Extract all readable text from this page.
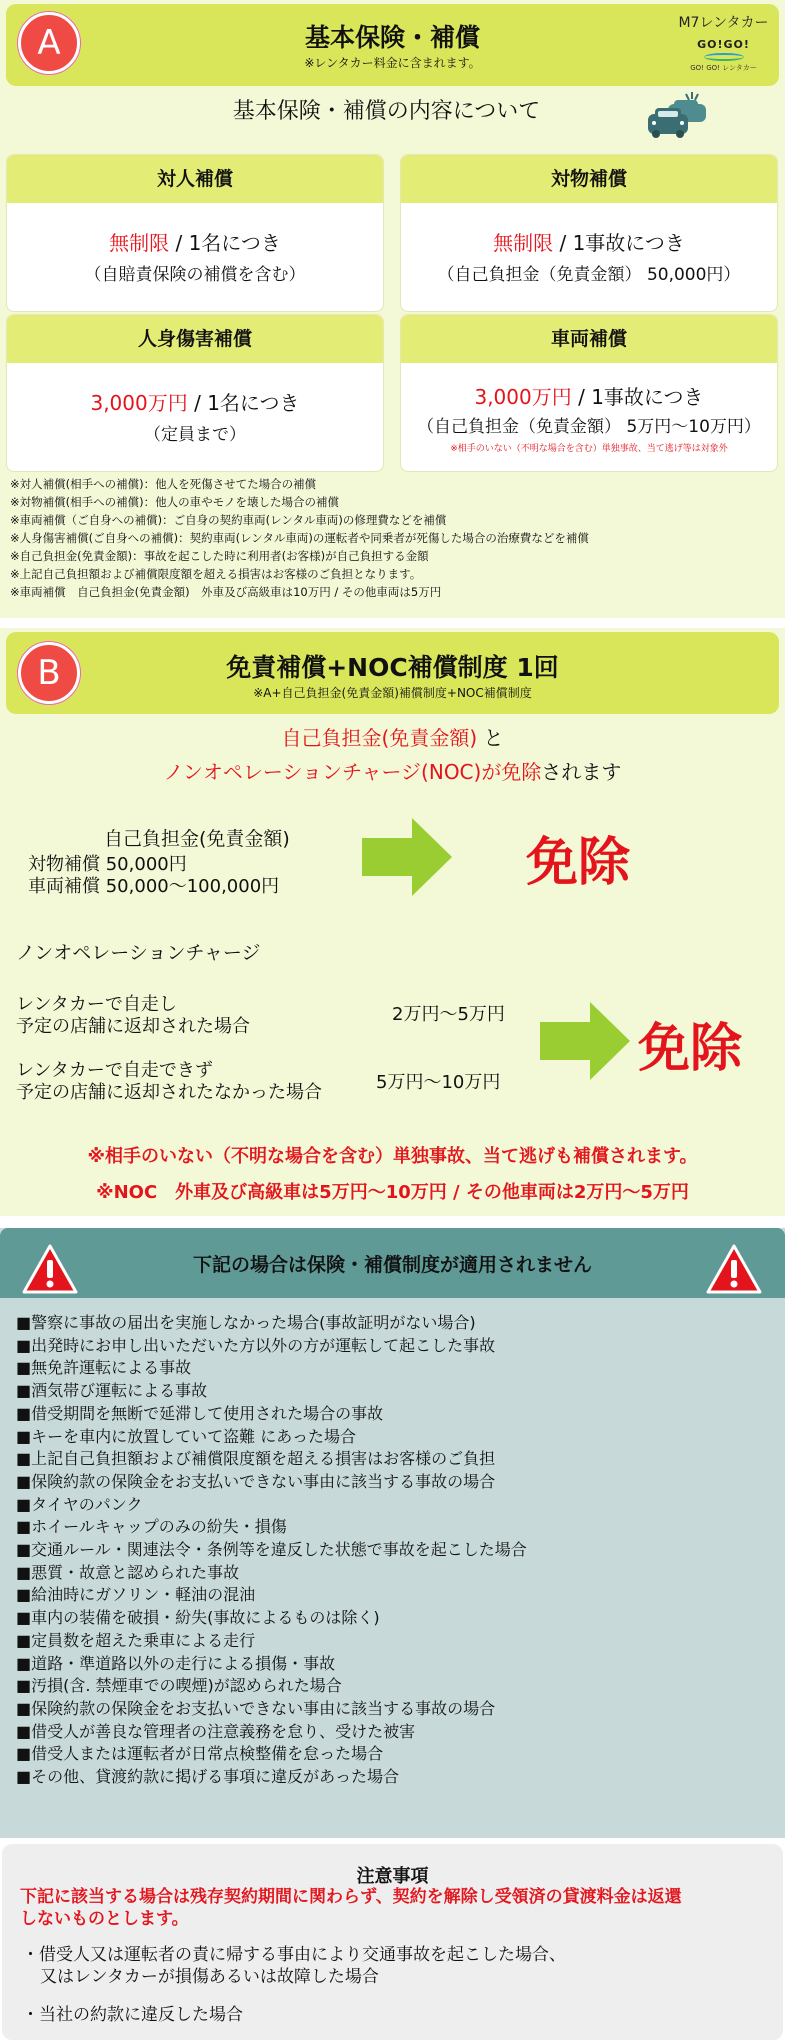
A	基本保険・補償
※レンタカー料金に含まれます。
M7レンタカー
GO!GO!
GO! GO! レンタカー
基本保険・補償の内容について
対人補償
無制限 / 1名につき
（自賠責保険の補償を含む）
対物補償
無制限 / 1事故につき
（自己負担金（免責金額） 50,000円）
人身傷害補償
3,000万円 / 1名につき
（定員まで）
車両補償
3,000万円 / 1事故につき
（自己負担金（免責金額） 5万円～10万円）
※相手のいない（不明な場合を含む）単独事故、当て逃げ等は対象外
※対人補償(相手への補償)：他人を死傷させてた場合の補償
※対物補償(相手への補償)：他人の車やモノを壊した場合の補償
※車両補償（ご自身への補償)：ご自身の契約車両(レンタル車両)の修理費などを補償
※人身傷害補償(ご自身への補償)：契約車両(レンタル車両)の運転者や同乗者が死傷した場合の治療費などを補償
※自己負担金(免責金額)：事故を起こした時に利用者(お客様)が自己負担する金額
※上記自己負担額および補償限度額を超える損害はお客様のご負担となります。
※車両補償　自己負担金(免責金額)　外車及び高級車は10万円 / その他車両は5万円
B	免責補償+NOC補償制度 1回
※A+自己負担金(免責金額)補償制度+NOC補償制度
自己負担金(免責金額) と
ノンオペレーションチャージ(NOC)が免除されます
自己負担金(免責金額)
対物補償 50,000円
車両補償 50,000～100,000円	免除
ノンオペレーションチャージ
レンタカーで自走し
予定の店舗に返却された場合
2万円～5万円
レンタカーで自走できず
予定の店舗に返却されたなかった場合	5万円～10万円
免除
※相手のいない（不明な場合を含む）単独事故、当て逃げも補償されます。
※NOC　外車及び高級車は5万円～10万円 / その他車両は2万円～5万円
下記の場合は保険・補償制度が適用されません
■警察に事故の届出を実施しなかった場合(事故証明がない場合)
■出発時にお申し出いただいた方以外の方が運転して起こした事故
■無免許運転による事故
■酒気帯び運転による事故
■借受期間を無断で延滞して使用された場合の事故
■キーを車内に放置していて盗難 にあった場合
■上記自己負担額および補償限度額を超える損害はお客様のご負担
■保険約款の保険金をお支払いできない事由に該当する事故の場合
■タイヤのパンク
■ホイールキャップのみの紛失・損傷
■交通ルール・関連法令・条例等を違反した状態で事故を起こした場合
■悪質・故意と認められた事故
■給油時にガソリン・軽油の混油
■車内の装備を破損・紛失(事故によるものは除く)
■定員数を超えた乗車による走行
■道路・準道路以外の走行による損傷・事故
■汚損(含. 禁煙車での喫煙)が認められた場合
■保険約款の保険金をお支払いできない事由に該当する事故の場合
■借受人が善良な管理者の注意義務を怠り、受けた被害
■借受人または運転者が日常点検整備を怠った場合
■その他、貸渡約款に掲げる事項に違反があった場合
注意事項
下記に該当する場合は残存契約期間に関わらず、契約を解除し受領済の貸渡料金は返還
しないものとします。
・借受人又は運転者の責に帰する事由により交通事故を起こした場合、
又はレンタカーが損傷あるいは故障した場合
・当社の約款に違反した場合
